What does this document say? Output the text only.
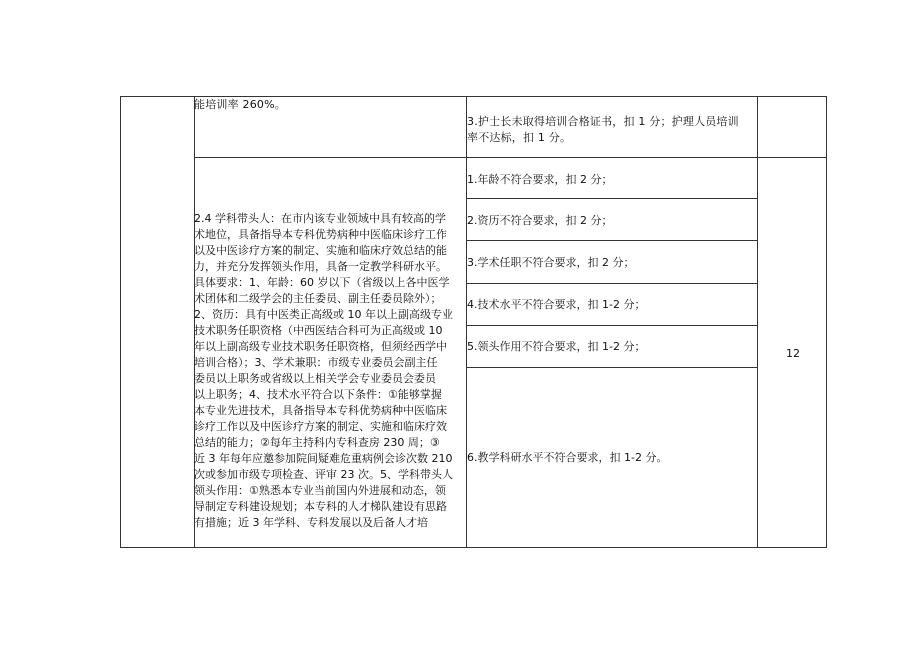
能培训率 260%。
3.护士长未取得培训合格证书，扣 1 分；护理人员培训
率不达标，扣 1 分。
2.4 学科带头人：在市内该专业领域中具有较高的学
术地位，具备指导本专科优势病种中医临床诊疗工作
以及中医诊疗方案的制定、实施和临床疗效总结的能
力，并充分发挥领头作用，具备一定教学科研水平。
具体要求：1、年龄：60 岁以下（省级以上各中医学
术团体和二级学会的主任委员、副主任委员除外）；
2、资历：具有中医类正高级或 10 年以上副高级专业
技术职务任职资格（中西医结合科可为正高级或 10
年以上副高级专业技术职务任职资格，但须经西学中
培训合格）；3、学术兼职：市级专业委员会副主任
委员以上职务或省级以上相关学会专业委员会委员
以上职务；4、技术水平符合以下条件：①能够掌握
本专业先进技术，具备指导本专科优势病种中医临床
诊疗工作以及中医诊疗方案的制定、实施和临床疗效
总结的能力；②每年主持科内专科查房 230 周；③
近 3 年每年应邀参加院间疑难危重病例会诊次数 210
次或参加市级专项检查、评审 23 次。5、学科带头人
领头作用：①熟悉本专业当前国内外进展和动态，领
导制定专科建设规划；本专科的人才梯队建设有思路
有措施；近 3 年学科、专科发展以及后备人才培
1.年龄不符合要求，扣 2 分；
2.资历不符合要求，扣 2 分；
3.学术任职不符合要求，扣 2 分；
4.技术水平不符合要求，扣 1-2 分；
5.领头作用不符合要求，扣 1-2 分；
6.教学科研水平不符合要求，扣 1-2 分。
12
